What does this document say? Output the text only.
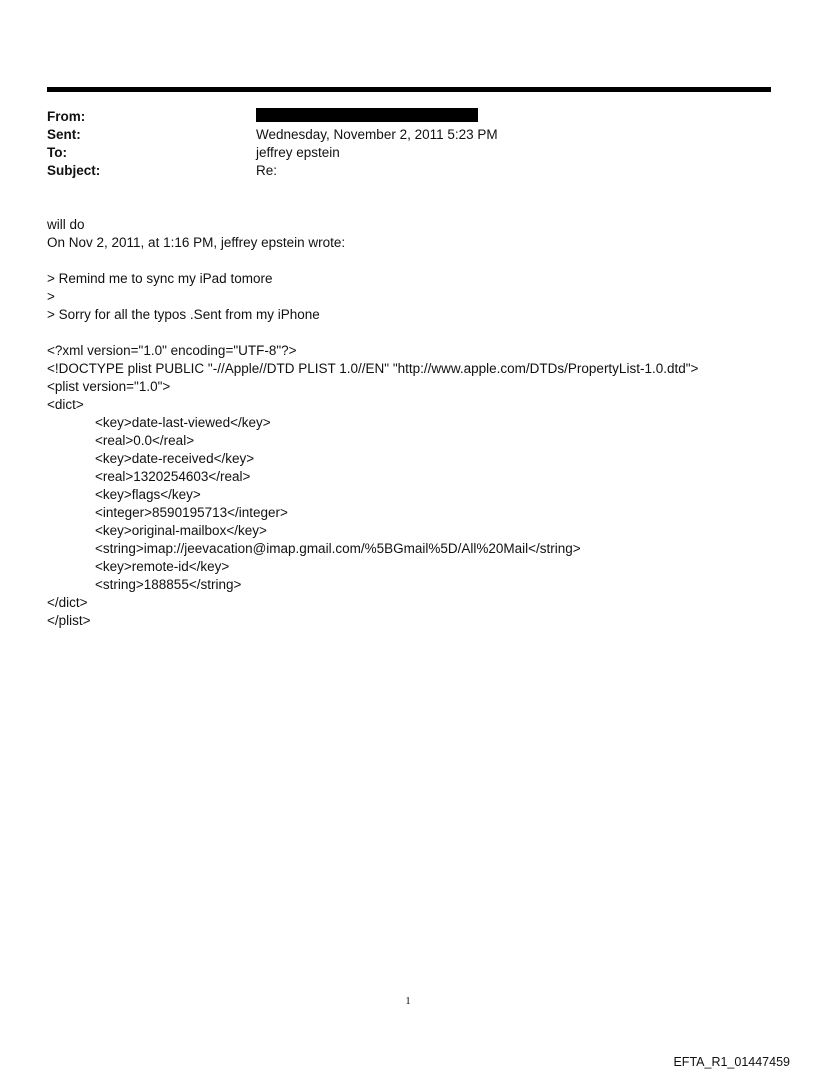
From:
Sent:	Wednesday, November 2, 2011 5:23 PM
To:	jeffrey epstein
Subject:	Re:
will do
On Nov 2, 2011, at 1:16 PM, jeffrey epstein wrote:
> Remind me to sync my iPad tomore
>
> Sorry for all the typos .Sent from my iPhone
<?xml version="1.0" encoding="UTF-8"?>
<!DOCTYPE plist PUBLIC "-//Apple//DTD PLIST 1.0//EN" "http://www.apple.com/DTDs/PropertyList-1.0.dtd">
<plist version="1.0">
<dict>
<key>date-last-viewed</key>
<real>0.0</real>
<key>date-received</key>
<real>1320254603</real>
<key>flags</key>
<integer>8590195713</integer>
<key>original-mailbox</key>
<string>imap://jeevacation@imap.gmail.com/%5BGmail%5D/All%20Mail</string>
<key>remote-id</key>
<string>188855</string>
</dict>
</plist>
1
EFTA_R1_01447459
